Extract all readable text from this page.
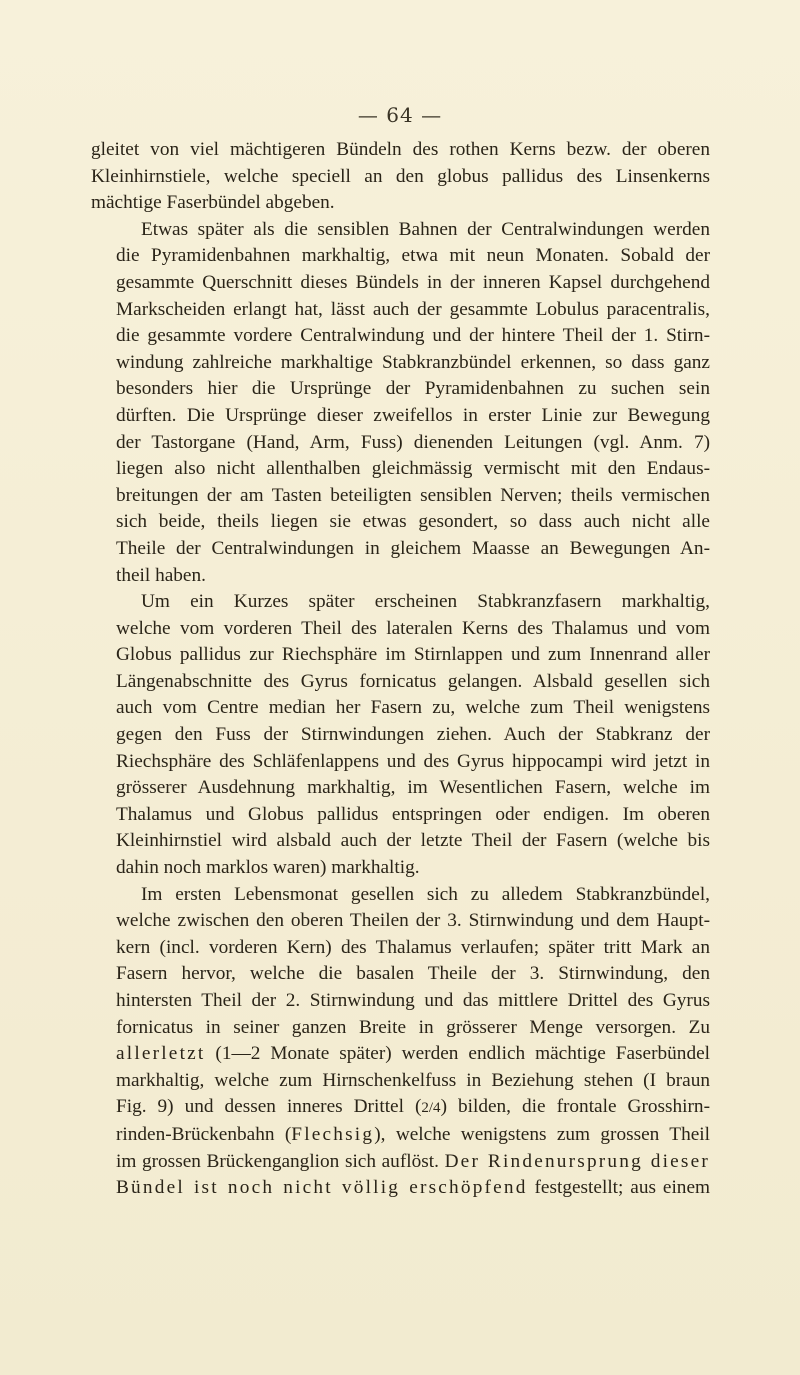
— 64 —

gleitet von viel mächtigeren Bündeln des rothen Kerns bezw. der oberen
Kleinhirnstiele, welche speciell an den globus pallidus des Linsenkerns
mächtige Faserbündel abgeben.

Etwas später als die sensiblen Bahnen der Centralwindungen werden
die Pyramidenbahnen markhaltig, etwa mit neun Monaten. Sobald der
gesammte Querschnitt dieses Bündels in der inneren Kapsel durchgehend
Markscheiden erlangt hat, lässt auch der gesammte Lobulus paracentralis,
die gesammte vordere Centralwindung und der hintere Theil der 1. Stirn-
windung zahlreiche markhaltige Stabkranzbündel erkennen, so dass ganz
besonders hier die Ursprünge der Pyramidenbahnen zu suchen sein
dürften. Die Ursprünge dieser zweifellos in erster Linie zur Bewegung
der Tastorgane (Hand, Arm, Fuss) dienenden Leitungen (vgl. Anm. 7)
liegen also nicht allenthalben gleichmässig vermischt mit den Endaus-
breitungen der am Tasten beteiligten sensiblen Nerven; theils vermischen
sich beide, theils liegen sie etwas gesondert, so dass auch nicht alle
Theile der Centralwindungen in gleichem Maasse an Bewegungen An-
theil haben.

Um ein Kurzes später erscheinen Stabkranzfasern markhaltig,
welche vom vorderen Theil des lateralen Kerns des Thalamus und vom
Globus pallidus zur Riechsphäre im Stirnlappen und zum Innenrand aller
Längenabschnitte des Gyrus fornicatus gelangen. Alsbald gesellen sich
auch vom Centre median her Fasern zu, welche zum Theil wenigstens
gegen den Fuss der Stirnwindungen ziehen. Auch der Stabkranz der
Riechsphäre des Schläfenlappens und des Gyrus hippocampi wird jetzt in
grösserer Ausdehnung markhaltig, im Wesentlichen Fasern, welche im
Thalamus und Globus pallidus entspringen oder endigen. Im oberen
Kleinhirnstiel wird alsbald auch der letzte Theil der Fasern (welche bis
dahin noch marklos waren) markhaltig.

Im ersten Lebensmonat gesellen sich zu alledem Stabkranzbündel,
welche zwischen den oberen Theilen der 3. Stirnwindung und dem Haupt-
kern (incl. vorderen Kern) des Thalamus verlaufen; später tritt Mark an
Fasern hervor, welche die basalen Theile der 3. Stirnwindung, den
hintersten Theil der 2. Stirnwindung und das mittlere Drittel des Gyrus
fornicatus in seiner ganzen Breite in grösserer Menge versorgen. Zu
allerletzt (1—2 Monate später) werden endlich mächtige Faserbündel
markhaltig, welche zum Hirnschenkelfuss in Beziehung stehen (I braun
Fig. 9) und dessen inneres Drittel (2/4) bilden, die frontale Grosshirn-
rinden-Brückenbahn (Flechsig), welche wenigstens zum grossen Theil
im grossen Brückenganglion sich auflöst. Der Rindenursprung dieser
Bündel ist noch nicht völlig erschöpfend festgestellt; aus einem
